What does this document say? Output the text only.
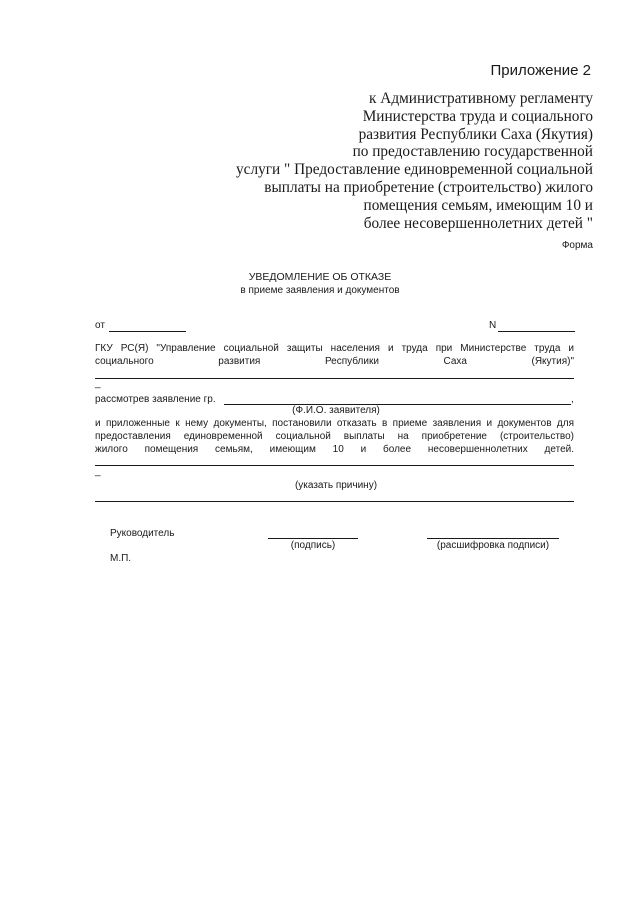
Приложение 2
к Административному регламенту
Министерства труда и социального
развития Республики Саха (Якутия)
по предоставлению государственной
услуги " Предоставление единовременной социальной
выплаты на приобретение (строительство) жилого
помещения семьям, имеющим 10 и
более несовершеннолетних детей "
Форма
УВЕДОМЛЕНИЕ ОБ ОТКАЗЕ
в приеме заявления и документов
от	N
ГКУ РС(Я) "Управление социальной защиты населения и труда при Министерстве труда и
социального развития Республики Саха (Якутия)"
_
рассмотрев заявление гр.	,
(Ф.И.О. заявителя)
и приложенные к нему документы, постановили отказать в приеме заявления и документов для
предоставления единовременной социальной выплаты на приобретение (строительство)
жилого помещения семьям, имеющим 10 и более несовершеннолетних детей.
_
(указать причину)
Руководитель
(подпись)	(расшифровка подписи)
М.П.
